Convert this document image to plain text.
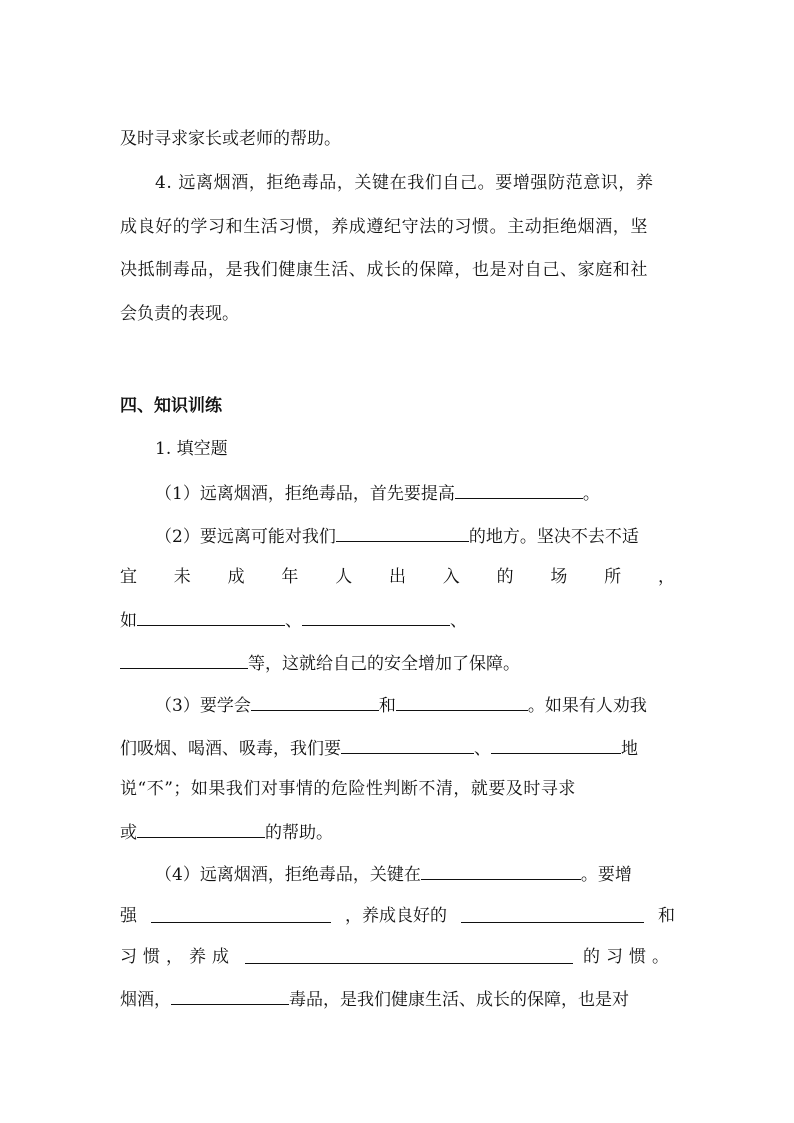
及时寻求家长或老师的帮助。
4. 远离烟酒，拒绝毒品，关键在我们自己。要增强防范意识，养
成良好的学习和生活习惯，养成遵纪守法的习惯。主动拒绝烟酒，坚
决抵制毒品，是我们健康生活、成长的保障，也是对自己、家庭和社
会负责的表现。
四、知识训练
1. 填空题
（1）远离烟酒，拒绝毒品，首先要提高	。
（2）要远离可能对我们	的地方。坚决不去不适
宜 未 成 年 人 出 入 的 场 所 ，
如	、	、
等，这就给自己的安全增加了保障。
（3）要学会	和	。如果有人劝我
们吸烟、喝酒、吸毒，我们要	、	地
说“不”；如果我们对事情的危险性判断不清，就要及时寻求
或	的帮助。
（4）远离烟酒，拒绝毒品，关键在	。要增
强	，养成良好的	和
习惯，养成	的习惯。
烟酒，	毒品，是我们健康生活、成长的保障，也是对
